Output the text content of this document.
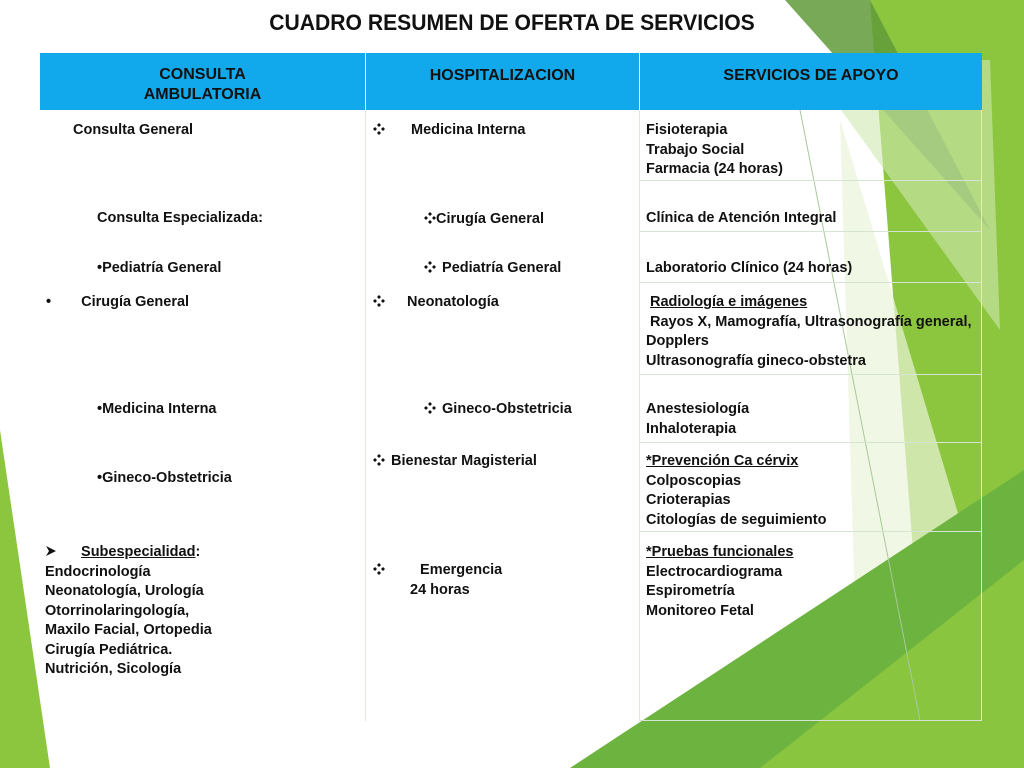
CUADRO RESUMEN DE OFERTA DE SERVICIOS
CONSULTA
AMBULATORIA
HOSPITALIZACION	SERVICIOS DE APOYO
Consulta General
Consulta Especializada:
•Pediatría General
• Cirugía General
•Medicina Interna
•Gineco-Obstetricia
Subespecialidad:
Endocrinología
Neonatología, Urología
Otorrinolaringología,
Maxilo Facial, Ortopedia
Cirugía Pediátrica.
Nutrición, Sicología
Medicina Interna
Cirugía General
Pediatría General
Neonatología
Gineco-Obstetricia
Bienestar Magisterial
Emergencia
24 horas
Fisioterapia
Trabajo Social
Farmacia (24 horas)
Clínica de Atención Integral
Laboratorio Clínico (24 horas)
Radiología e imágenes
Rayos X, Mamografía, Ultrasonografía general,
Dopplers
Ultrasonografía gineco-obstetra
Anestesiología
Inhaloterapia
*Prevención Ca cérvix
Colposcopias
Crioterapias
Citologías de seguimiento
*Pruebas funcionales
Electrocardiograma
Espirometría
Monitoreo Fetal
